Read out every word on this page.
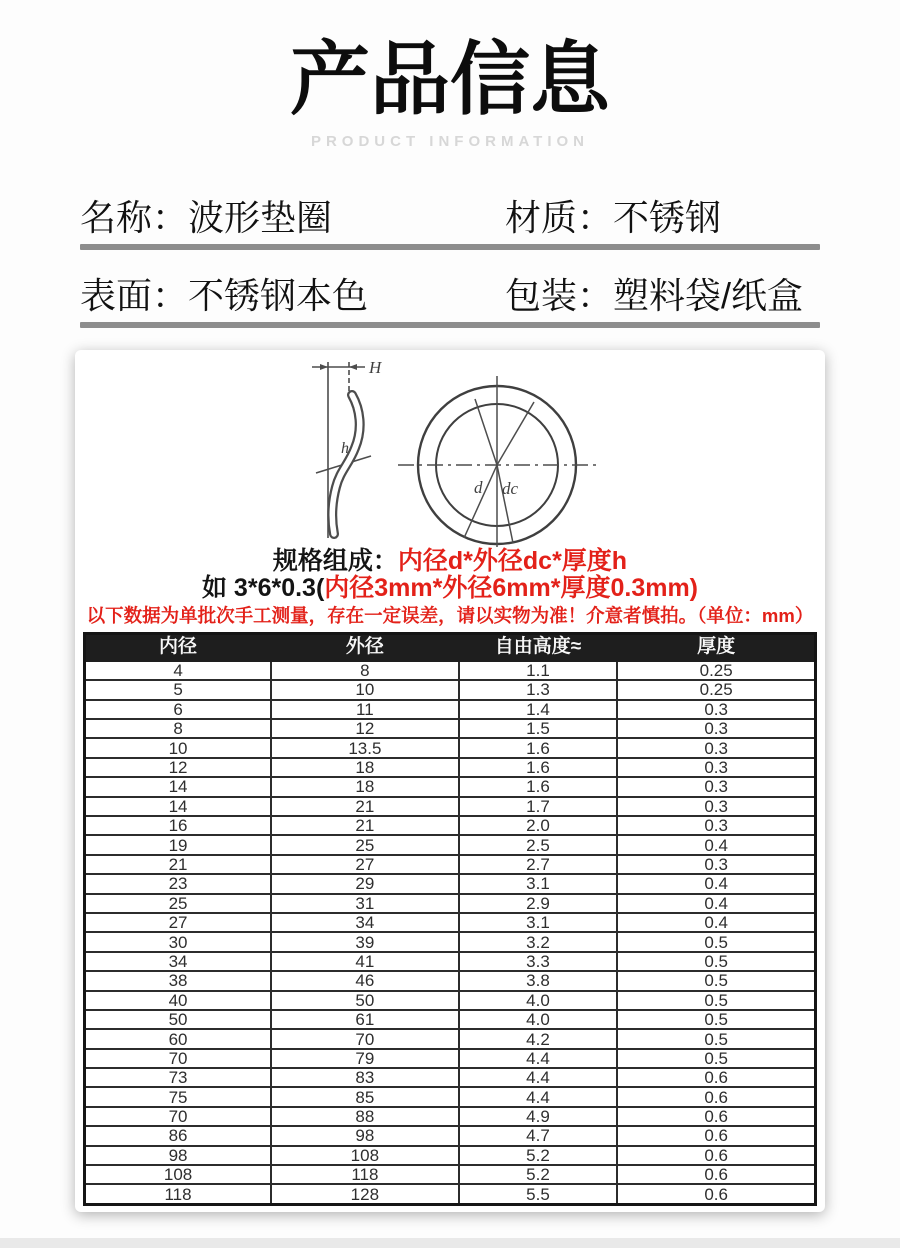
产品信息
PRODUCT INFORMATION
名称：波形垫圈	材质：不锈钢
表面：不锈钢本色	包装：塑料袋/纸盒
H
h
d dc
规格组成：内径d*外径dc*厚度h
如 3*6*0.3(内径3mm*外径6mm*厚度0.3mm)
以下数据为单批次手工测量，存在一定误差，请以实物为准！介意者慎拍。（单位：mm）
内径	外径	自由高度≈	厚度
4	8	1.1	0.25
5	10	1.3	0.25
6	11	1.4	0.3
8	12	1.5	0.3
10	13.5	1.6	0.3
12	18	1.6	0.3
14	18	1.6	0.3
14	21	1.7	0.3
16	21	2.0	0.3
19	25	2.5	0.4
21	27	2.7	0.3
23	29	3.1	0.4
25	31	2.9	0.4
27	34	3.1	0.4
30	39	3.2	0.5
34	41	3.3	0.5
38	46	3.8	0.5
40	50	4.0	0.5
50	61	4.0	0.5
60	70	4.2	0.5
70	79	4.4	0.5
73	83	4.4	0.6
75	85	4.4	0.6
70	88	4.9	0.6
86	98	4.7	0.6
98	108	5.2	0.6
108	118	5.2	0.6
118	128	5.5	0.6
